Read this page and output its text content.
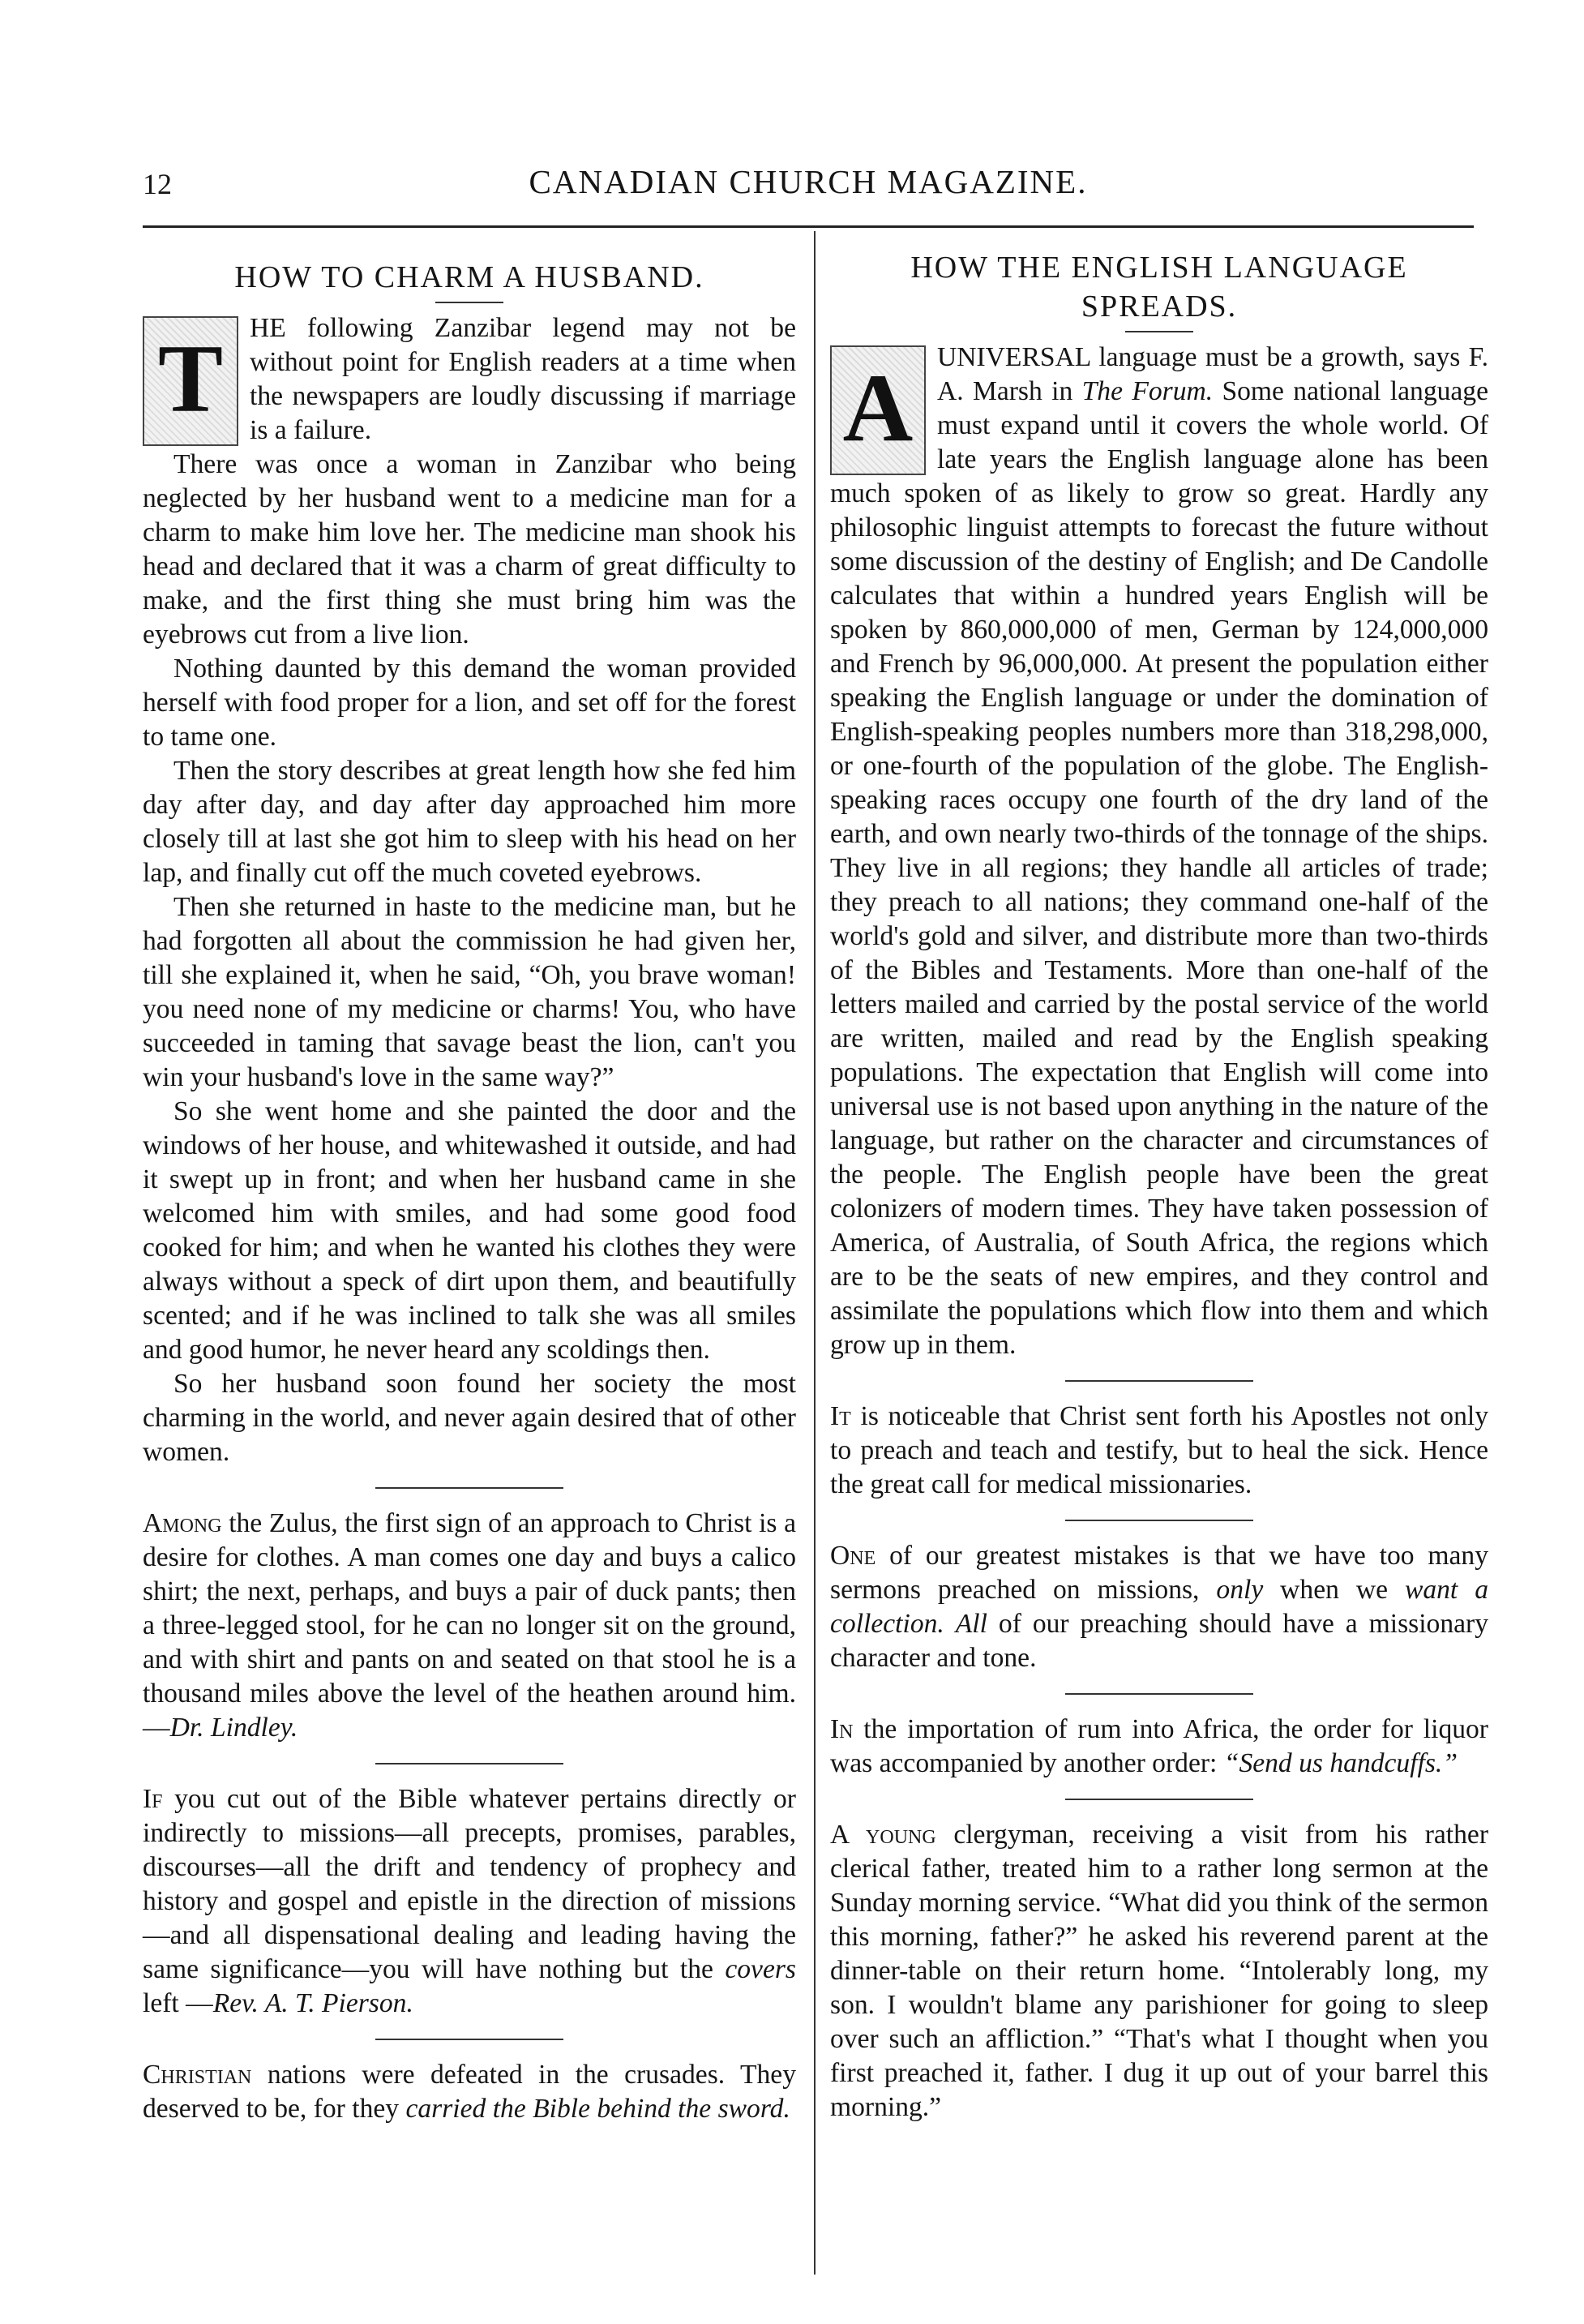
12	CANADIAN CHURCH MAGAZINE.
HOW TO CHARM A HUSBAND.

T HE following Zanzibar legend may not be without point for English readers at a time when the newspapers are loudly discussing if marriage is a failure.

There was once a woman in Zanzibar who being neglected by her husband went to a medicine man for a charm to make him love her. The medicine man shook his head and declared that it was a charm of great difficulty to make, and the first thing she must bring him was the eyebrows cut from a live lion.

Nothing daunted by this demand the woman provided herself with food proper for a lion, and set off for the forest to tame one.

Then the story describes at great length how she fed him day after day, and day after day approached him more closely till at last she got him to sleep with his head on her lap, and finally cut off the much coveted eyebrows.

Then she returned in haste to the medicine man, but he had forgotten all about the commission he had given her, till she explained it, when he said, “Oh, you brave woman! you need none of my medicine or charms! You, who have succeeded in taming that savage beast the lion, can't you win your husband's love in the same way?”

So she went home and she painted the door and the windows of her house, and whitewashed it outside, and had it swept up in front; and when her husband came in she welcomed him with smiles, and had some good food cooked for him; and when he wanted his clothes they were always without a speck of dirt upon them, and beautifully scented; and if he was inclined to talk she was all smiles and good humor, he never heard any scoldings then.

So her husband soon found her society the most charming in the world, and never again desired that of other women.

Among the Zulus, the first sign of an approach to Christ is a desire for clothes. A man comes one day and buys a calico shirt; the next, perhaps, and buys a pair of duck pants; then a three-legged stool, for he can no longer sit on the ground, and with shirt and pants on and seated on that stool he is a thousand miles above the level of the heathen around him.—Dr. Lindley.

If you cut out of the Bible whatever pertains directly or indirectly to missions—all precepts, promises, parables, discourses—all the drift and tendency of prophecy and history and gospel and epistle in the direction of missions—and all dispensational dealing and leading having the same significance—you will have nothing but the covers left —Rev. A. T. Pierson.

Christian nations were defeated in the crusades. They deserved to be, for they carried the Bible behind the sword.

HOW THE ENGLISH LANGUAGE SPREADS.

A UNIVERSAL language must be a growth, says F. A. Marsh in The Forum. Some national language must expand until it covers the whole world. Of late years the English language alone has been much spoken of as likely to grow so great. Hardly any philosophic linguist attempts to forecast the future without some discussion of the destiny of English; and De Candolle calculates that within a hundred years English will be spoken by 860,000,000 of men, German by 124,000,000 and French by 96,000,000. At present the population either speaking the English language or under the domination of English-speaking peoples numbers more than 318,298,000, or one-fourth of the population of the globe. The English-speaking races occupy one fourth of the dry land of the earth, and own nearly two-thirds of the tonnage of the ships. They live in all regions; they handle all articles of trade; they preach to all nations; they command one-half of the world's gold and silver, and distribute more than two-thirds of the Bibles and Testaments. More than one-half of the letters mailed and carried by the postal service of the world are written, mailed and read by the English speaking populations. The expectation that English will come into universal use is not based upon anything in the nature of the language, but rather on the character and circumstances of the people. The English people have been the great colonizers of modern times. They have taken possession of America, of Australia, of South Africa, the regions which are to be the seats of new empires, and they control and assimilate the populations which flow into them and which grow up in them.

It is noticeable that Christ sent forth his Apostles not only to preach and teach and testify, but to heal the sick. Hence the great call for medical missionaries.

One of our greatest mistakes is that we have too many sermons preached on missions, only when we want a collection. All of our preaching should have a missionary character and tone.

In the importation of rum into Africa, the order for liquor was accompanied by another order: “Send us handcuffs.”

A young clergyman, receiving a visit from his rather clerical father, treated him to a rather long sermon at the Sunday morning service. “What did you think of the sermon this morning, father?” he asked his reverend parent at the dinner-table on their return home. “Intolerably long, my son. I wouldn't blame any parishioner for going to sleep over such an affliction.” “That's what I thought when you first preached it, father. I dug it up out of your barrel this morning.”
